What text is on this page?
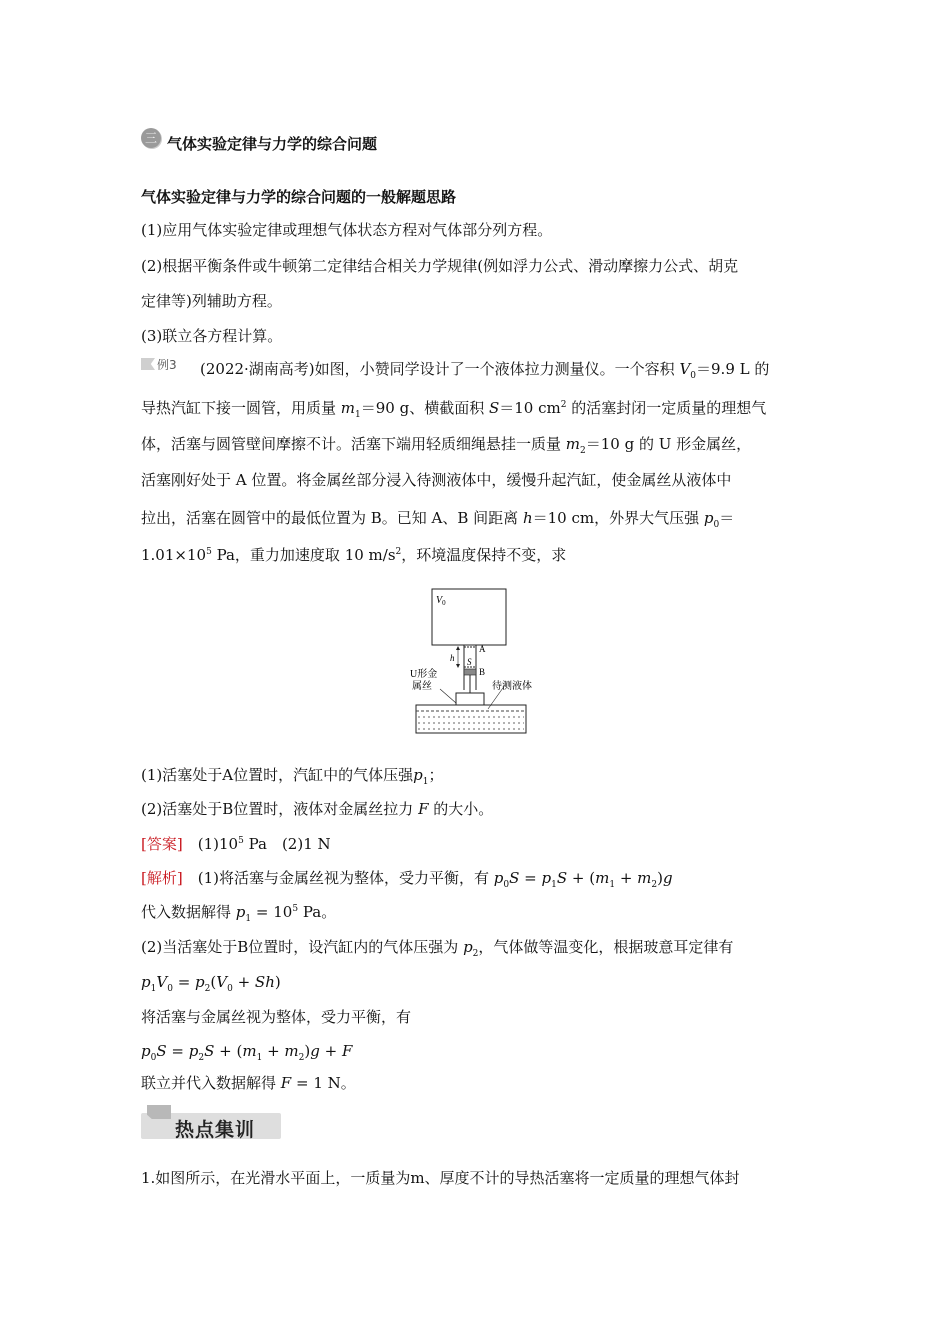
三 气体实验定律与力学的综合问题
气体实验定律与力学的综合问题的一般解题思路
(1)应用气体实验定律或理想气体状态方程对气体部分列方程。
(2)根据平衡条件或牛顿第二定律结合相关力学规律(例如浮力公式、滑动摩擦力公式、胡克
定律等)列辅助方程。
(3)联立各方程计算。
例3 (2022·湖南高考)如图，小赞同学设计了一个液体拉力测量仪。一个容积 $V_0=9.9$ L 的
导热汽缸下接一圆管，用质量 $m_1=90$ g、横截面积 S＝10 $cm^2$ 的活塞封闭一定质量的理想气
体，活塞与圆管壁间摩擦不计。活塞下端用轻质细绳悬挂一质量 $m_2=10$ g 的 U 形金属丝，
活塞刚好处于 A 位置。将金属丝部分浸入待测液体中，缓慢升起汽缸，使金属丝从液体中
拉出，活塞在圆管中的最低位置为 B。已知 A、B 间距离 h＝10 cm，外界大气压强 $p_0=$
$1.01\times 10^5$ Pa，重力加速度取 10 $m/s^2$，环境温度保持不变，求
$V_0$
h S
A
B
U形金
属丝	待测液体
(1)活塞处于A位置时，汽缸中的气体压强$p_1$；
(2)活塞处于B位置时，液体对金属丝拉力 F 的大小。
[答案]　 $(1)10^5$ Pa　(2)1 N
[解析]　 (1)将活塞与金属丝视为整体，受力平衡，有 $p_0S = p_1S + (m_1 + m_2)g$
代入数据解得 $p_1 = 10^5$ Pa。
(2)当活塞处于B位置时，设汽缸内的气体压强为 $p_2$，气体做等温变化，根据玻意耳定律有
$p_1V_0 = p_2(V_0 + Sh)$
将活塞与金属丝视为整体，受力平衡，有
$p_0S = p_2S + (m_1 + m_2)g + F$
联立并代入数据解得 F = 1 N。
热点集训
1.如图所示，在光滑水平面上，一质量为m、厚度不计的导热活塞将一定质量的理想气体封
